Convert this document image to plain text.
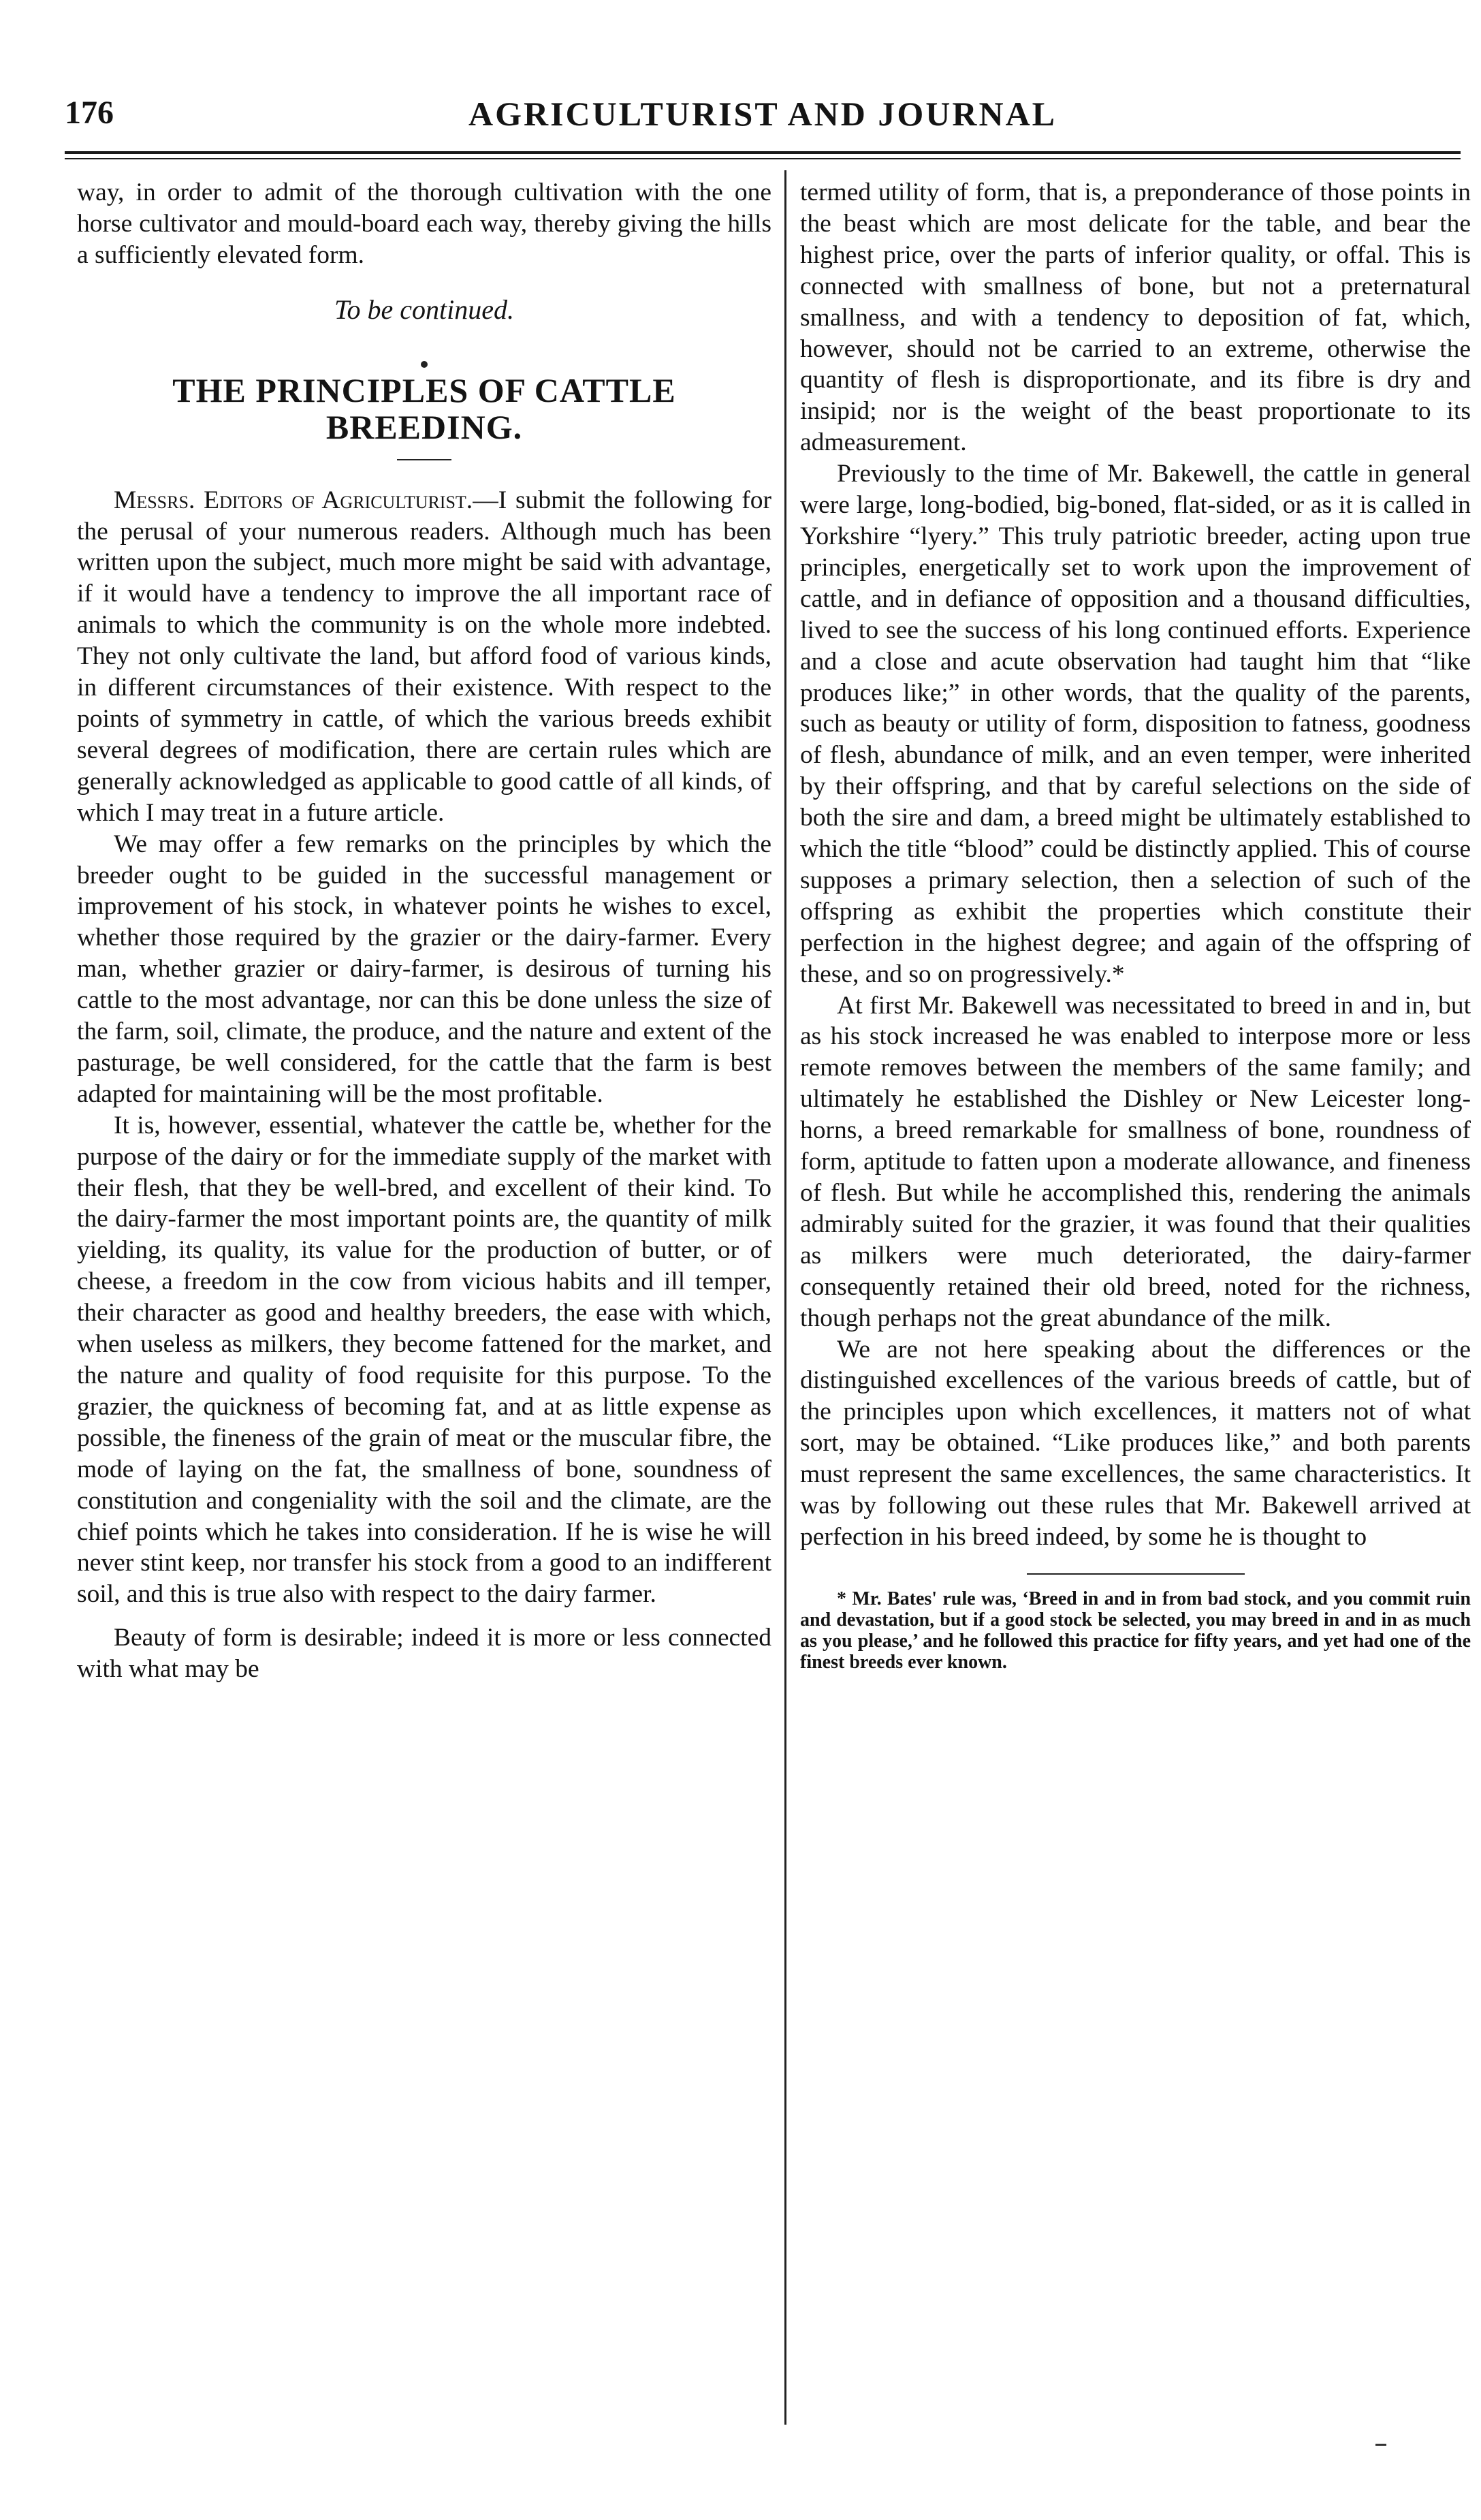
176	AGRICULTURIST AND JOURNAL

way, in order to admit of the thorough cultivation with the one horse cultivator and mould-board each way, thereby giving the hills a sufficiently elevated form.

To be continued.

THE PRINCIPLES OF CATTLE
BREEDING.

Messrs. Editors of Agriculturist.—I submit the following for the perusal of your numerous readers. Although much has been written upon the subject, much more might be said with advantage, if it would have a tendency to improve the all important race of animals to which the community is on the whole more indebted. They not only cultivate the land, but afford food of various kinds, in different circumstances of their existence. With respect to the points of symmetry in cattle, of which the various breeds exhibit several degrees of modification, there are certain rules which are generally acknowledged as applicable to good cattle of all kinds, of which I may treat in a future article.

We may offer a few remarks on the principles by which the breeder ought to be guided in the successful management or improvement of his stock, in whatever points he wishes to excel, whether those required by the grazier or the dairy-farmer. Every man, whether grazier or dairy-farmer, is desirous of turning his cattle to the most advantage, nor can this be done unless the size of the farm, soil, climate, the produce, and the nature and extent of the pasturage, be well considered, for the cattle that the farm is best adapted for maintaining will be the most profitable.

It is, however, essential, whatever the cattle be, whether for the purpose of the dairy or for the immediate supply of the market with their flesh, that they be well-bred, and excellent of their kind. To the dairy-farmer the most important points are, the quantity of milk yielding, its quality, its value for the production of butter, or of cheese, a freedom in the cow from vicious habits and ill temper, their character as good and healthy breeders, the ease with which, when useless as milkers, they become fattened for the market, and the nature and quality of food requisite for this purpose. To the grazier, the quickness of becoming fat, and at as little expense as possible, the fineness of the grain of meat or the muscular fibre, the mode of laying on the fat, the smallness of bone, soundness of constitution and congeniality with the soil and the climate, are the chief points which he takes into consideration. If he is wise he will never stint keep, nor transfer his stock from a good to an indifferent soil, and this is true also with respect to the dairy farmer.

Beauty of form is desirable; indeed it is more or less connected with what may be

termed utility of form, that is, a preponderance of those points in the beast which are most delicate for the table, and bear the highest price, over the parts of inferior quality, or offal. This is connected with smallness of bone, but not a preternatural smallness, and with a tendency to deposition of fat, which, however, should not be carried to an extreme, otherwise the quantity of flesh is disproportionate, and its fibre is dry and insipid; nor is the weight of the beast proportionate to its admeasurement.

Previously to the time of Mr. Bakewell, the cattle in general were large, long-bodied, big-boned, flat-sided, or as it is called in Yorkshire “lyery.” This truly patriotic breeder, acting upon true principles, energetically set to work upon the improvement of cattle, and in defiance of opposition and a thousand difficulties, lived to see the success of his long continued efforts. Experience and a close and acute observation had taught him that “like produces like;” in other words, that the quality of the parents, such as beauty or utility of form, disposition to fatness, goodness of flesh, abundance of milk, and an even temper, were inherited by their offspring, and that by careful selections on the side of both the sire and dam, a breed might be ultimately established to which the title “blood” could be distinctly applied. This of course supposes a primary selection, then a selection of such of the offspring as exhibit the properties which constitute their perfection in the highest degree; and again of the offspring of these, and so on progressively.*

At first Mr. Bakewell was necessitated to breed in and in, but as his stock increased he was enabled to interpose more or less remote removes between the members of the same family; and ultimately he established the Dishley or New Leicester long-horns, a breed remarkable for smallness of bone, roundness of form, aptitude to fatten upon a moderate allowance, and fineness of flesh. But while he accomplished this, rendering the animals admirably suited for the grazier, it was found that their qualities as milkers were much deteriorated, the dairy-farmer consequently retained their old breed, noted for the richness, though perhaps not the great abundance of the milk.

We are not here speaking about the differences or the distinguished excellences of the various breeds of cattle, but of the principles upon which excellences, it matters not of what sort, may be obtained. “Like produces like,” and both parents must represent the same excellences, the same characteristics. It was by following out these rules that Mr. Bakewell arrived at perfection in his breed indeed, by some he is thought to

* Mr. Bates' rule was, ‘Breed in and in from bad stock, and you commit ruin and devastation, but if a good stock be selected, you may breed in and in as much as you please,’ and he followed this practice for fifty years, and yet had one of the finest breeds ever known.
